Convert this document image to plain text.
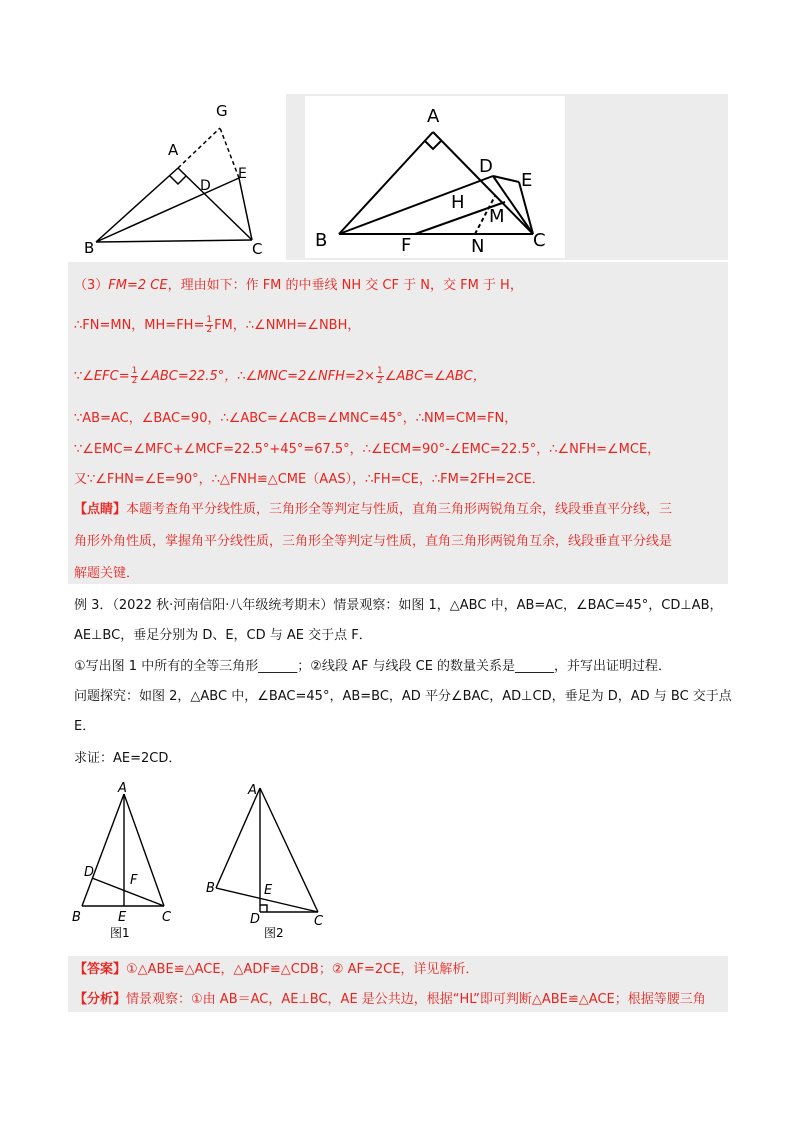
G
A
E
D
B	C
A
D
E
H
M
B	F	N	C
（3）FM=2 CE，理由如下：作 FM 的中垂线 NH 交 CF 于 N，交 FM 于 H，
∴FN=MN，$MH=FH= \frac{1}{2}$ FM，∴∠NMH=∠NBH，
∵∠EFC= $\frac{1}{2}$ ∠ABC=22.5°，∴∠MNC=2∠NFH=2× $\frac{1}{2}$ ∠ABC=∠ABC，
∵AB=AC，∠BAC=90，∴∠ABC=∠ACB=∠MNC=45°，∴NM=CM=FN，
∵∠EMC=∠MFC+∠MCF=22.5°+45°=67.5°，∴∠ECM=90°-∠EMC=22.5°，∴∠NFH=∠MCE，
又∵∠FHN=∠E=90°，∴△FNH≌△CME（AAS），∴FH=CE，∴FM=2FH=2CE．
【点睛】本题考查角平分线性质，三角形全等判定与性质，直角三角形两锐角互余，线段垂直平分线，三
角形外角性质，掌握角平分线性质，三角形全等判定与性质，直角三角形两锐角互余，线段垂直平分线是
解题关键．
例 3．（2022 秋·河南信阳·八年级统考期末）情景观察：如图 1，△ABC 中，AB=AC，∠BAC=45°，CD⊥AB，
AE⊥BC，垂足分别为 D、E，CD 与 AE 交于点 F．
①写出图 1 中所有的全等三角形______；②线段 AF 与线段 CE 的数量关系是______，并写出证明过程．
问题探究：如图 2，△ABC 中，∠BAC=45°，AB=BC，AD 平分∠BAC，AD⊥CD，垂足为 D，AD 与 BC 交于点
E．
求证：AE=2CD．
A
D
F
B	E	C
图1
A
B	E
D	C
图2
【答案】①△ABE≌△ACE，△ADF≌△CDB；② AF=2CE，详见解析．
【分析】情景观察：①由 AB＝AC，AE⊥BC，AE 是公共边，根据“HL”即可判断△ABE≌△ACE；根据等腰三角
